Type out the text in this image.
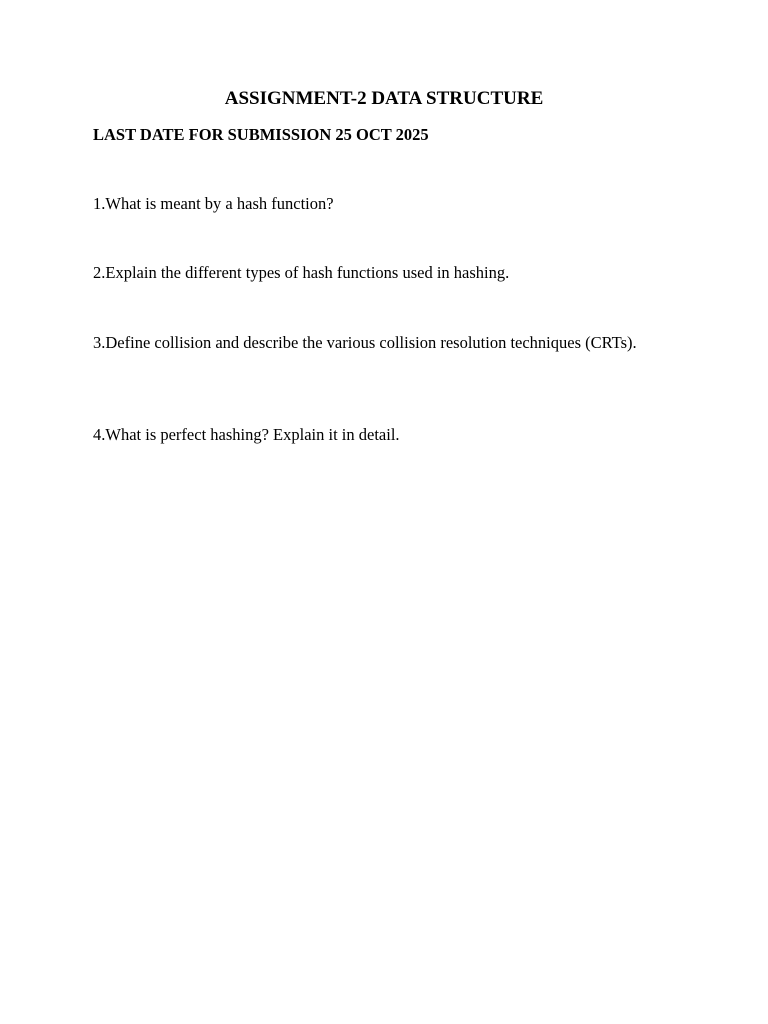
ASSIGNMENT-2 DATA STRUCTURE
LAST DATE FOR SUBMISSION 25 OCT 2025
1.What is meant by a hash function?
2.Explain the different types of hash functions used in hashing.
3.Define collision and describe the various collision resolution techniques (CRTs).
4.What is perfect hashing? Explain it in detail.
